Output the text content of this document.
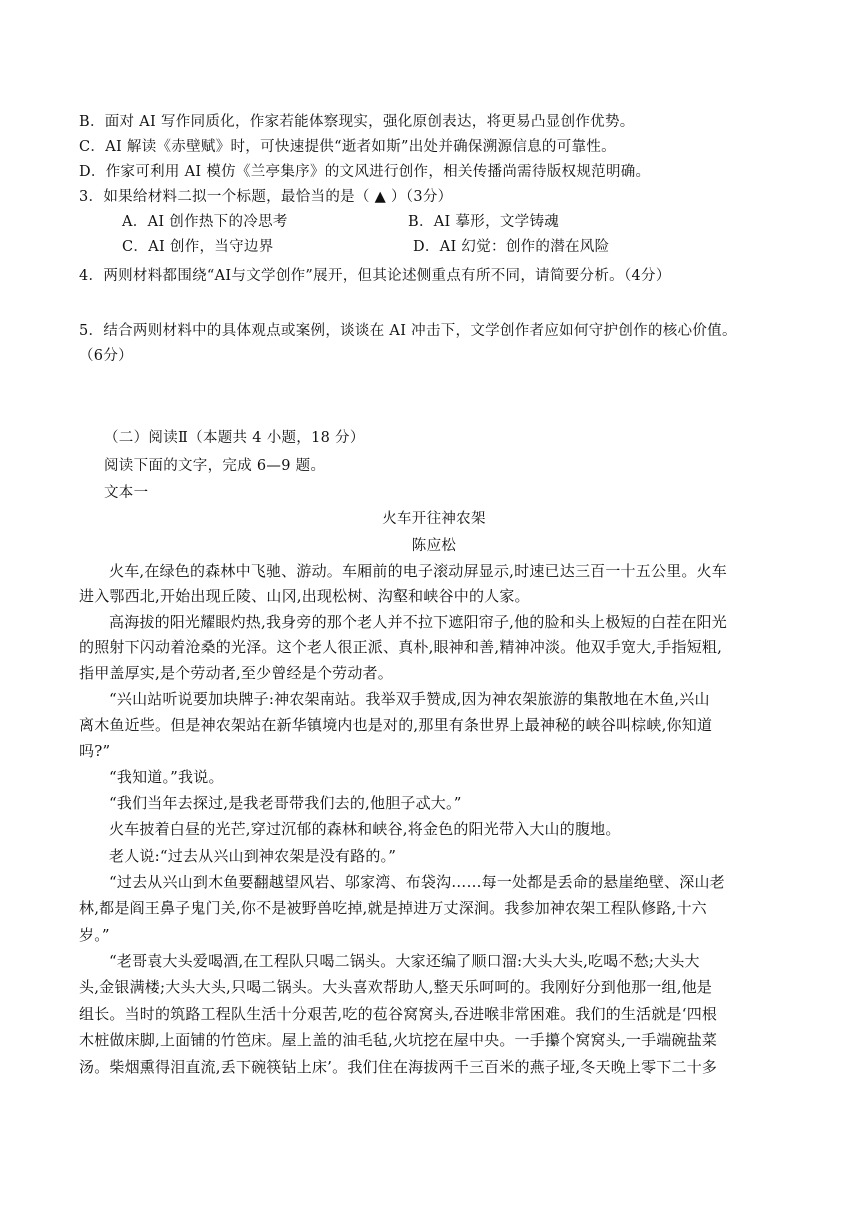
B．面对 AI 写作同质化，作家若能体察现实，强化原创表达，将更易凸显创作优势。
C．AI 解读《赤壁赋》时，可快速提供“逝者如斯”出处并确保溯源信息的可靠性。
D．作家可利用 AI 模仿《兰亭集序》的文风进行创作，相关传播尚需待版权规范明确。
3．如果给材料二拟一个标题，最恰当的是（ ▲ ）（3分）
A．AI 创作热下的冷思考	B．AI 摹形，文学铸魂
C．AI 创作，当守边界	D．AI 幻觉：创作的潜在风险
4．两则材料都围绕“AI与文学创作”展开，但其论述侧重点有所不同，请简要分析。（4分）
5．结合两则材料中的具体观点或案例，谈谈在 AI 冲击下，文学创作者应如何守护创作的核心价值。
（6分）
（二）阅读Ⅱ（本题共 4 小题，18 分）
阅读下面的文字，完成 6—9 题。
文本一
火车开往神农架
陈应松
火车,在绿色的森林中飞驰、游动。车厢前的电子滚动屏显示,时速已达三百一十五公里。火车
进入鄂西北,开始出现丘陵、山冈,出现松树、沟壑和峡谷中的人家。
高海拔的阳光耀眼灼热,我身旁的那个老人并不拉下遮阳帘子,他的脸和头上极短的白茬在阳光
的照射下闪动着沧桑的光泽。这个老人很正派、真朴,眼神和善,精神冲淡。他双手宽大,手指短粗,
指甲盖厚实,是个劳动者,至少曾经是个劳动者。
“兴山站听说要加块牌子:神农架南站。我举双手赞成,因为神农架旅游的集散地在木鱼,兴山
离木鱼近些。但是神农架站在新华镇境内也是对的,那里有条世界上最神秘的峡谷叫棕峡,你知道
吗?”
“我知道。”我说。
“我们当年去探过,是我老哥带我们去的,他胆子忒大。”
火车披着白昼的光芒,穿过沉郁的森林和峡谷,将金色的阳光带入大山的腹地。
老人说:“过去从兴山到神农架是没有路的。”
“过去从兴山到木鱼要翻越望风岩、邬家湾、布袋沟……每一处都是丢命的悬崖绝壁、深山老
林,都是阎王鼻子鬼门关,你不是被野兽吃掉,就是掉进万丈深涧。我参加神农架工程队修路,十六
岁。”
“老哥袁大头爱喝酒,在工程队只喝二锅头。大家还编了顺口溜:大头大头,吃喝不愁;大头大
头,金银满楼;大头大头,只喝二锅头。大头喜欢帮助人,整天乐呵呵的。我刚好分到他那一组,他是
组长。当时的筑路工程队生活十分艰苦,吃的苞谷窝窝头,吞进喉非常困难。我们的生活就是‘四根
木桩做床脚,上面铺的竹笆床。屋上盖的油毛毡,火坑挖在屋中央。一手攥个窝窝头,一手端碗盐菜
汤。柴烟熏得泪直流,丢下碗筷钻上床’。我们住在海拔两千三百米的燕子垭,冬天晚上零下二十多
